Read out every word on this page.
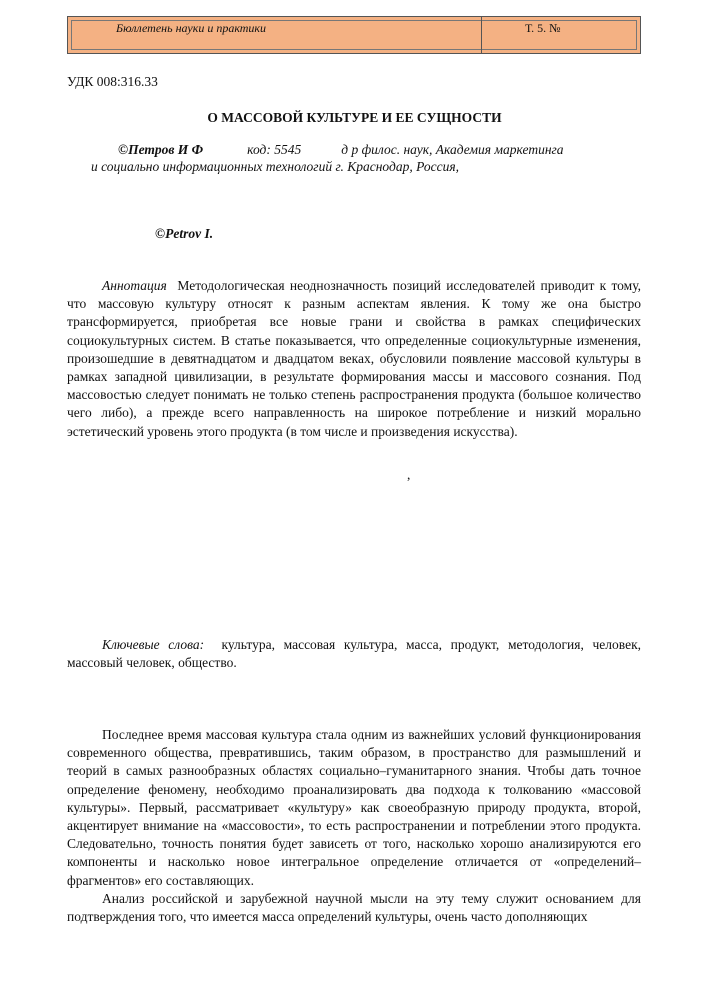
Бюллетень науки и практики	Т. 5. №
УДК 008:316.33
О МАССОВОЙ КУЛЬТУРЕ И ЕЕ СУЩНОСТИ
©Петров И Ф	код: 5545	д р филос. наук, Академия маркетинга
и социально информационных технологий г. Краснодар, Россия,
©Petrov I.

Аннотация Методологическая неоднозначность позиций исследователей приводит к тому, что массовую культуру относят к разным аспектам явления. К тому же она быстро трансформируется, приобретая все новые грани и свойства в рамках специфических социокультурных систем. В статье показывается, что определенные социокультурные изменения, произошедшие в девятнадцатом и двадцатом веках, обусловили появление массовой культуры в рамках западной цивилизации, в результате формирования массы и массового сознания. Под массовостью следует понимать не только степень распространения продукта (большое количество чего либо), а прежде всего направленность на широкое потребление и низкий морально эстетический уровень этого продукта (в том числе и произведения искусства).

,

Ключевые слова: культура, массовая культура, масса, продукт, методология, человек, массовый человек, общество.

Последнее время массовая культура стала одним из важнейших условий функционирования современного общества, превратившись, таким образом, в пространство для размышлений и теорий в самых разнообразных областях социально–гуманитарного знания. Чтобы дать точное определение феномену, необходимо проанализировать два подхода к толкованию «массовой культуры». Первый, рассматривает «культуру» как своеобразную природу продукта, второй, акцентирует внимание на «массовости», то есть распространении и потреблении этого продукта. Следовательно, точность понятия будет зависеть от того, насколько хорошо анализируются его компоненты и насколько новое интегральное определение отличается от «определений–фрагментов» его составляющих.

Анализ российской и зарубежной научной мысли на эту тему служит основанием для подтверждения того, что имеется масса определений культуры, очень часто дополняющих
